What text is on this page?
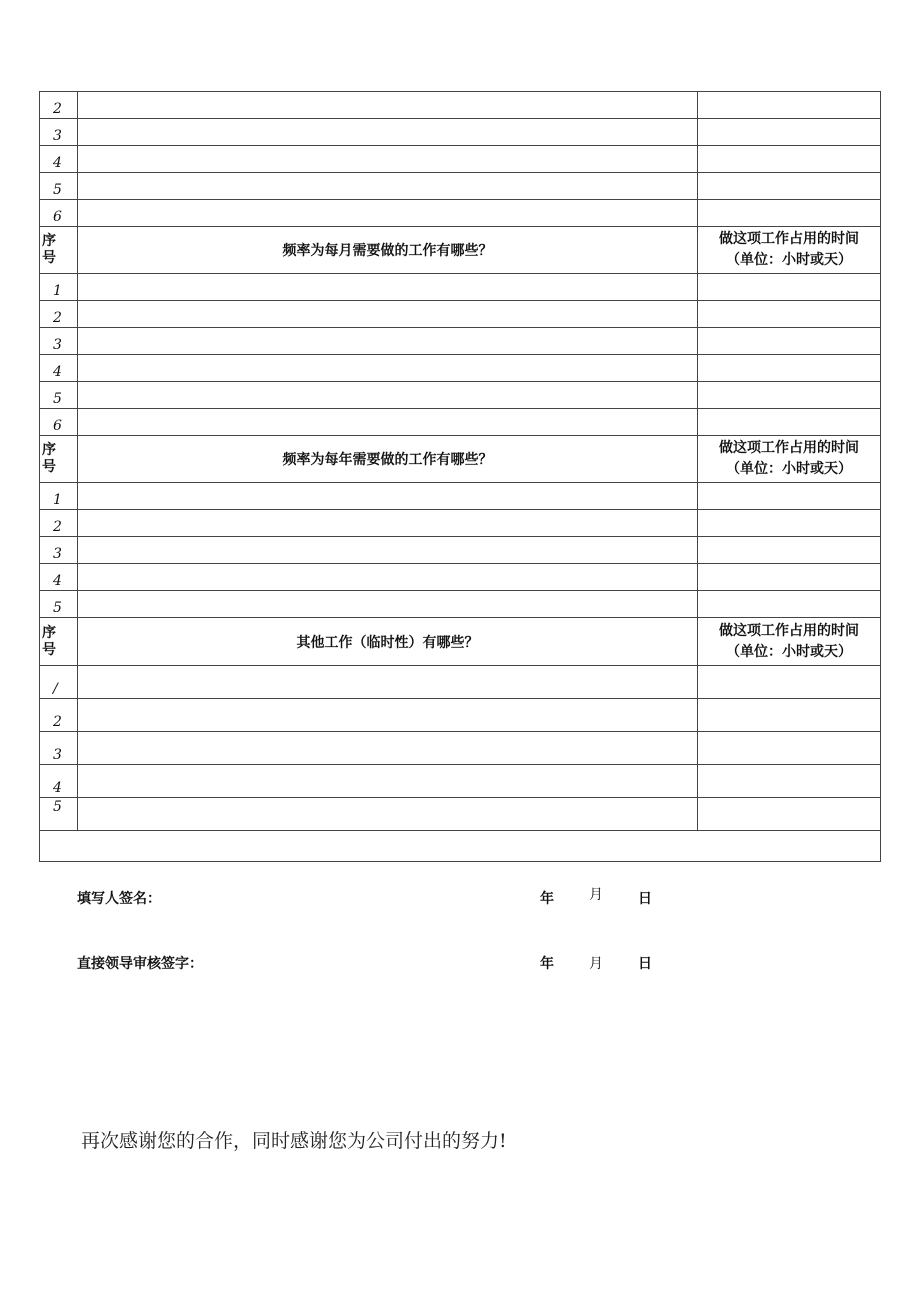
2		
3		
4		
5		
6		

序
号	频率为每月需要做的工作有哪些？	做这项工作占用的时间
（单位：小时或天）

1		
2		
3		
4		
5		
6		

序
号	频率为每年需要做的工作有哪些？	做这项工作占用的时间
（单位：小时或天）

1		
2		
3		
4		
5		

序
号	其他工作（临时性）有哪些？	做这项工作占用的时间
（单位：小时或天）

/		
2		
3		
4		
5		

填写人签名：	年	月	日
直接领导审核签字：	年	月	日
再次感谢您的合作，同时感谢您为公司付出的努力!
